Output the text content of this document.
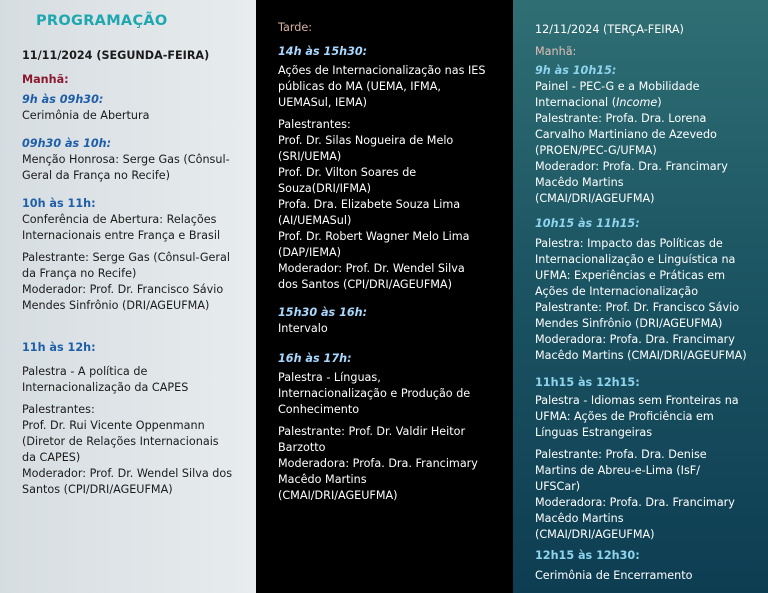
PROGRAMAÇÃO
11/11/2024 (SEGUNDA-FEIRA)
Manhã:
9h às 09h30:
Cerimônia de Abertura
09h30 às 10h:
Menção Honrosa: Serge Gas (Cônsul-
Geral da França no Recife)
10h às 11h:
Conferência de Abertura: Relações
Internacionais entre França e Brasil
Palestrante: Serge Gas (Cônsul-Geral
da França no Recife)
Moderador: Prof. Dr. Francisco Sávio
Mendes Sinfrônio (DRI/AGEUFMA)
11h às 12h:
Palestra - A política de
Internacionalização da CAPES
Palestrantes:
Prof. Dr. Rui Vicente Oppenmann
(Diretor de Relações Internacionais
da CAPES)
Moderador: Prof. Dr. Wendel Silva dos
Santos (CPI/DRI/AGEUFMA)
Tarde:
14h às 15h30:
Ações de Internacionalização nas IES
públicas do MA (UEMA, IFMA,
UEMASul, IEMA)
Palestrantes:
Prof. Dr. Silas Nogueira de Melo
(SRI/UEMA)
Prof. Dr. Vilton Soares de
Souza(DRI/IFMA)
Profa. Dra. Elizabete Souza Lima
(AI/UEMASul)
Prof. Dr. Robert Wagner Melo Lima
(DAP/IEMA)
Moderador: Prof. Dr. Wendel Silva
dos Santos (CPI/DRI/AGEUFMA)
15h30 às 16h:
Intervalo
16h às 17h:
Palestra - Línguas,
Internacionalização e Produção de
Conhecimento
Palestrante: Prof. Dr. Valdir Heitor
Barzotto
Moderadora: Profa. Dra. Francimary
Macêdo Martins
(CMAI/DRI/AGEUFMA)
12/11/2024 (TERÇA-FEIRA)
Manhã:
9h às 10h15:
Painel - PEC-G e a Mobilidade
Internacional (Income)
Palestrante: Profa. Dra. Lorena
Carvalho Martiniano de Azevedo
(PROEN/PEC-G/UFMA)
Moderador: Profa. Dra. Francimary
Macêdo Martins
(CMAI/DRI/AGEUFMA)
10h15 às 11h15:
Palestra: Impacto das Políticas de
Internacionalização e Linguística na
UFMA: Experiências e Práticas em
Ações de Internacionalização
Palestrante: Prof. Dr. Francisco Sávio
Mendes Sinfrônio (DRI/AGEUFMA)
Moderadora: Profa. Dra. Francimary
Macêdo Martins (CMAI/DRI/AGEUFMA)
11h15 às 12h15:
Palestra - Idiomas sem Fronteiras na
UFMA: Ações de Proficiência em
Línguas Estrangeiras
Palestrante: Profa. Dra. Denise
Martins de Abreu-e-Lima (IsF/
UFSCar)
Moderadora: Profa. Dra. Francimary
Macêdo Martins
(CMAI/DRI/AGEUFMA)
12h15 às 12h30:
Cerimônia de Encerramento
